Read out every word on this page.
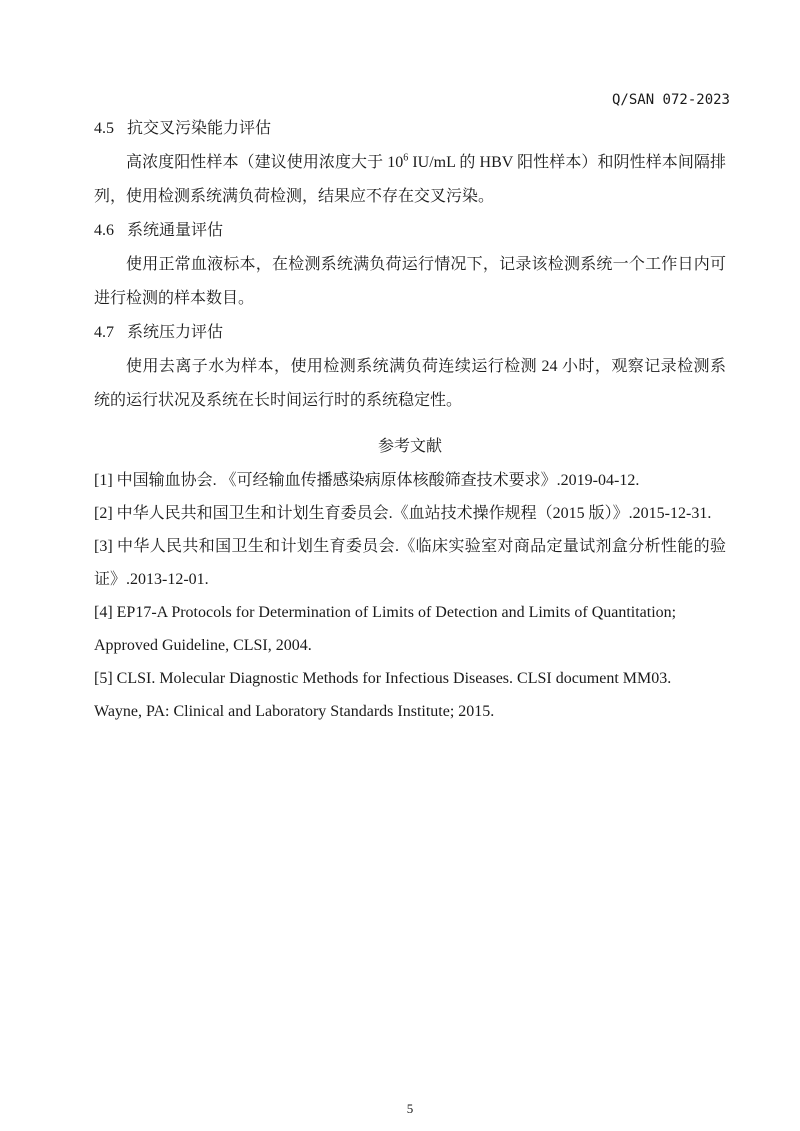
Q/SAN 072-2023
4.5 抗交叉污染能力评估
高浓度阳性样本（建议使用浓度大于 $10^6$ IU/mL 的 HBV 阳性样本）和阴性样本间隔排
列，使用检测系统满负荷检测，结果应不存在交叉污染。
4.6 系统通量评估
使用正常血液标本，在检测系统满负荷运行情况下，记录该检测系统一个工作日内可
进行检测的样本数目。
4.7 系统压力评估
使用去离子水为样本，使用检测系统满负荷连续运行检测 24 小时，观察记录检测系
统的运行状况及系统在长时间运行时的系统稳定性。
参考文献
[1] 中国输血协会. 《可经输血传播感染病原体核酸筛查技术要求》.2019-04-12.
[2] 中华人民共和国卫生和计划生育委员会.《血站技术操作规程（2015 版）》.2015-12-31.
[3] 中华人民共和国卫生和计划生育委员会.《临床实验室对商品定量试剂盒分析性能的验
证》.2013-12-01.
[4] EP17-A Protocols for Determination of Limits of Detection and Limits of Quantitation;
Approved Guideline, CLSI, 2004.
[5] CLSI. Molecular Diagnostic Methods for Infectious Diseases. CLSI document MM03.
Wayne, PA: Clinical and Laboratory Standards Institute; 2015.
5
